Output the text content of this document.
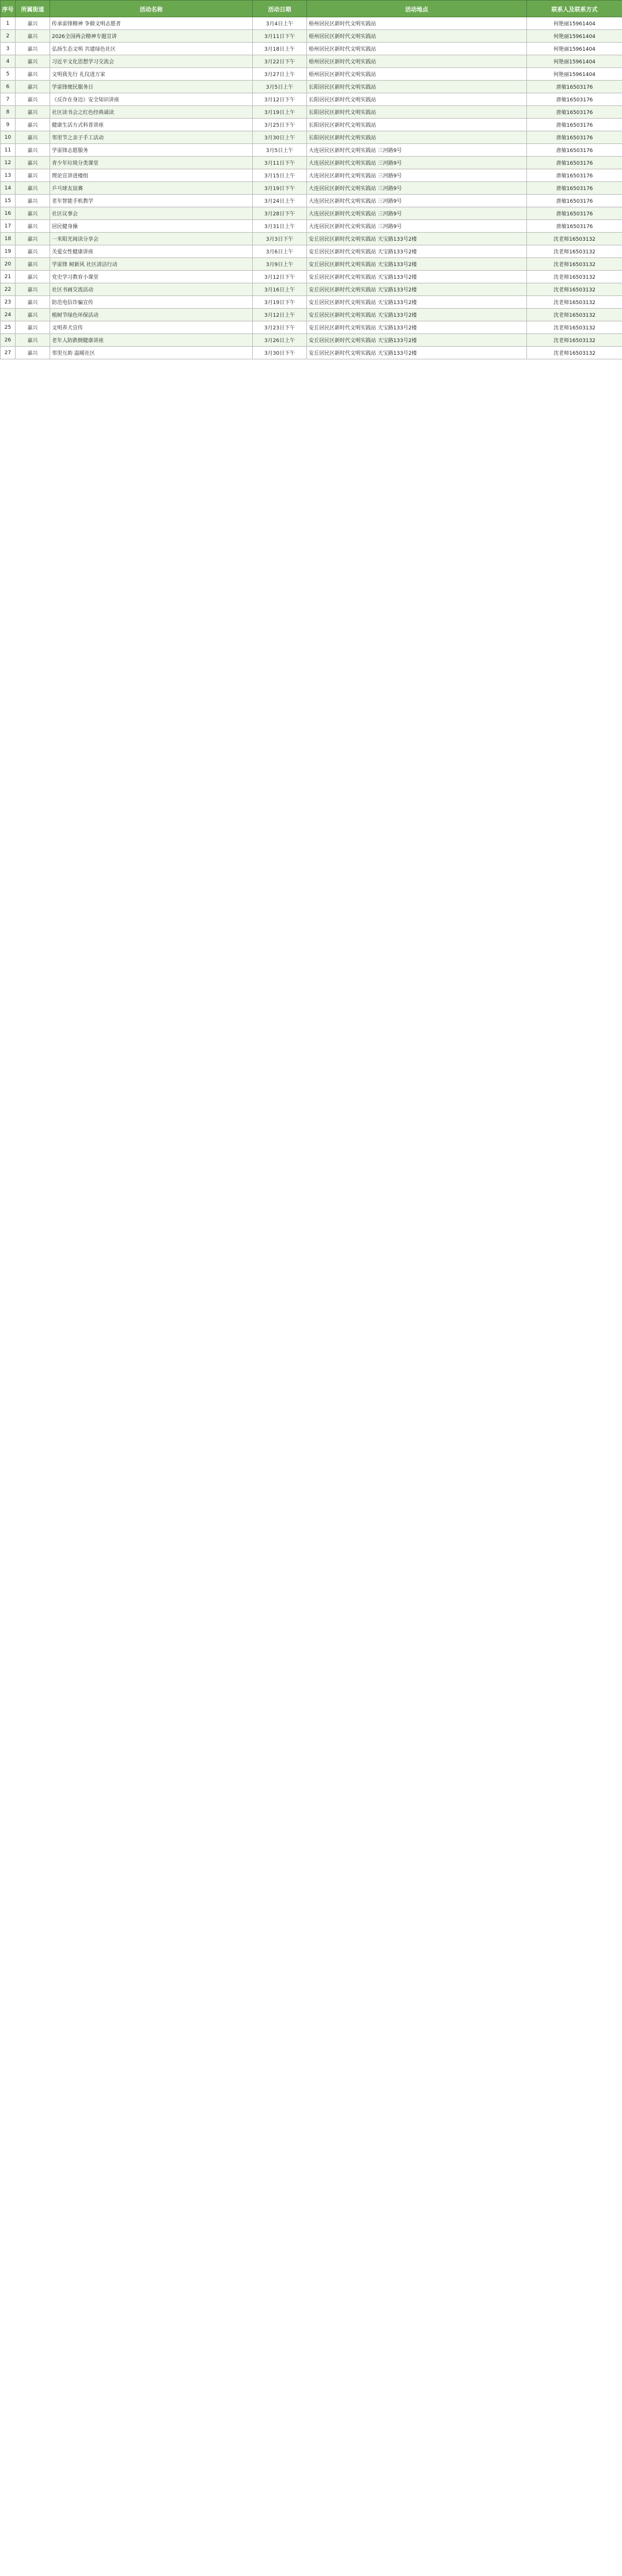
序号	所属街道	活动名称	活动日期	活动地点	联系人及联系方式
1	嘉兴	传承雷锋精神 争做文明志愿者	3月4日上午	梧州居民区新时代文明实践站	何艳丽15961404
2	嘉兴	2026全国两会精神专题宣讲	3月11日下午	梧州居民区新时代文明实践站	何艳丽15961404
3	嘉兴	弘扬生态文明 共建绿色社区	3月18日上午	梧州居民区新时代文明实践站	何艳丽15961404
4	嘉兴	习近平文化思想学习交流会	3月22日下午	梧州居民区新时代文明实践站	何艳丽15961404
5	嘉兴	文明我先行 礼仪进万家	3月27日上午	梧州居民区新时代文明实践站	何艳丽15961404
6	嘉兴	学雷锋便民服务日	3月5日上午	长阳居民区新时代文明实践站	唐敏16503176
7	嘉兴	《反诈在身边》安全知识讲座	3月12日下午	长阳居民区新时代文明实践站	唐敏16503176
8	嘉兴	社区读书会之红色经典诵读	3月19日上午	长阳居民区新时代文明实践站	唐敏16503176
9	嘉兴	健康生活方式科普讲座	3月25日下午	长阳居民区新时代文明实践站	唐敏16503176
10	嘉兴	邻里节之亲子手工活动	3月30日上午	长阳居民区新时代文明实践站	唐敏16503176
11	嘉兴	学雷锋志愿服务	3月5日上午	大连居民区新时代文明实践站 三河路9号	唐敏16503176
12	嘉兴	青少年垃圾分类课堂	3月11日下午	大连居民区新时代文明实践站 三河路9号	唐敏16503176
13	嘉兴	理论宣讲进楼组	3月15日上午	大连居民区新时代文明实践站 三河路9号	唐敏16503176
14	嘉兴	乒乓球友谊赛	3月19日下午	大连居民区新时代文明实践站 三河路9号	唐敏16503176
15	嘉兴	老年智能手机教学	3月24日上午	大连居民区新时代文明实践站 三河路9号	唐敏16503176
16	嘉兴	社区议事会	3月28日下午	大连居民区新时代文明实践站 三河路9号	唐敏16503176
17	嘉兴	居民健身操	3月31日上午	大连居民区新时代文明实践站 三河路9号	唐敏16503176
18	嘉兴	一米阳光阅读分享会	3月3日下午	安丘居民区新时代文明实践站 天宝路133号2楼	沈老师16503132
19	嘉兴	关爱女性健康讲座	3月6日上午	安丘居民区新时代文明实践站 天宝路133号2楼	沈老师16503132
20	嘉兴	学雷锋 树新风 社区清洁行动	3月9日上午	安丘居民区新时代文明实践站 天宝路133号2楼	沈老师16503132
21	嘉兴	党史学习教育小课堂	3月12日下午	安丘居民区新时代文明实践站 天宝路133号2楼	沈老师16503132
22	嘉兴	社区书画交流活动	3月16日上午	安丘居民区新时代文明实践站 天宝路133号2楼	沈老师16503132
23	嘉兴	防范电信诈骗宣传	3月19日下午	安丘居民区新时代文明实践站 天宝路133号2楼	沈老师16503132
24	嘉兴	植树节绿色环保活动	3月12日上午	安丘居民区新时代文明实践站 天宝路133号2楼	沈老师16503132
25	嘉兴	文明养犬宣传	3月23日下午	安丘居民区新时代文明实践站 天宝路133号2楼	沈老师16503132
26	嘉兴	老年人防跌倒健康讲座	3月26日上午	安丘居民区新时代文明实践站 天宝路133号2楼	沈老师16503132
27	嘉兴	邻里互助 温暖社区	3月30日下午	安丘居民区新时代文明实践站 天宝路133号2楼	沈老师16503132
